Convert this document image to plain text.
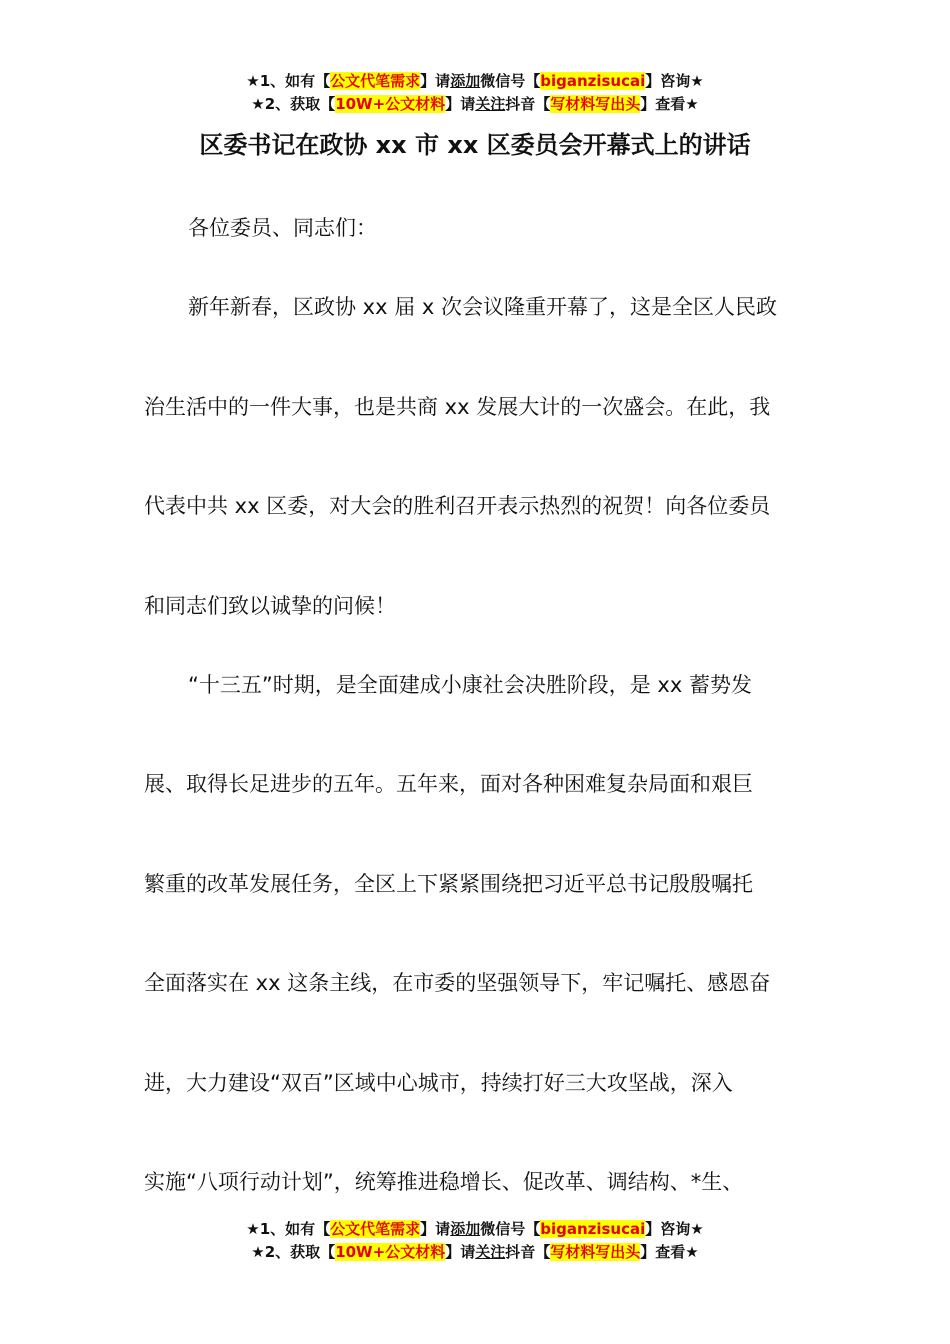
★1、如有【公文代笔需求】请添加微信号【biganzisucai】咨询★
★2、获取【10W+公文材料】请关注抖音【写材料写出头】查看★
区委书记在政协 xx 市 xx 区委员会开幕式上的讲话
各位委员、同志们：
新年新春，区政协 xx 届 x 次会议隆重开幕了，这是全区人民政
治生活中的一件大事，也是共商 xx 发展大计的一次盛会。在此，我
代表中共 xx 区委，对大会的胜利召开表示热烈的祝贺！向各位委员
和同志们致以诚挚的问候！
“十三五”时期，是全面建成小康社会决胜阶段，是 xx 蓄势发
展、取得长足进步的五年。五年来，面对各种困难复杂局面和艰巨
繁重的改革发展任务，全区上下紧紧围绕把习近平总书记殷殷嘱托
全面落实在 xx 这条主线，在市委的坚强领导下，牢记嘱托、感恩奋
进，大力建设“双百”区域中心城市，持续打好三大攻坚战，深入
实施“八项行动计划”，统筹推进稳增长、促改革、调结构、*生、
★1、如有【公文代笔需求】请添加微信号【biganzisucai】咨询★
★2、获取【10W+公文材料】请关注抖音【写材料写出头】查看★
